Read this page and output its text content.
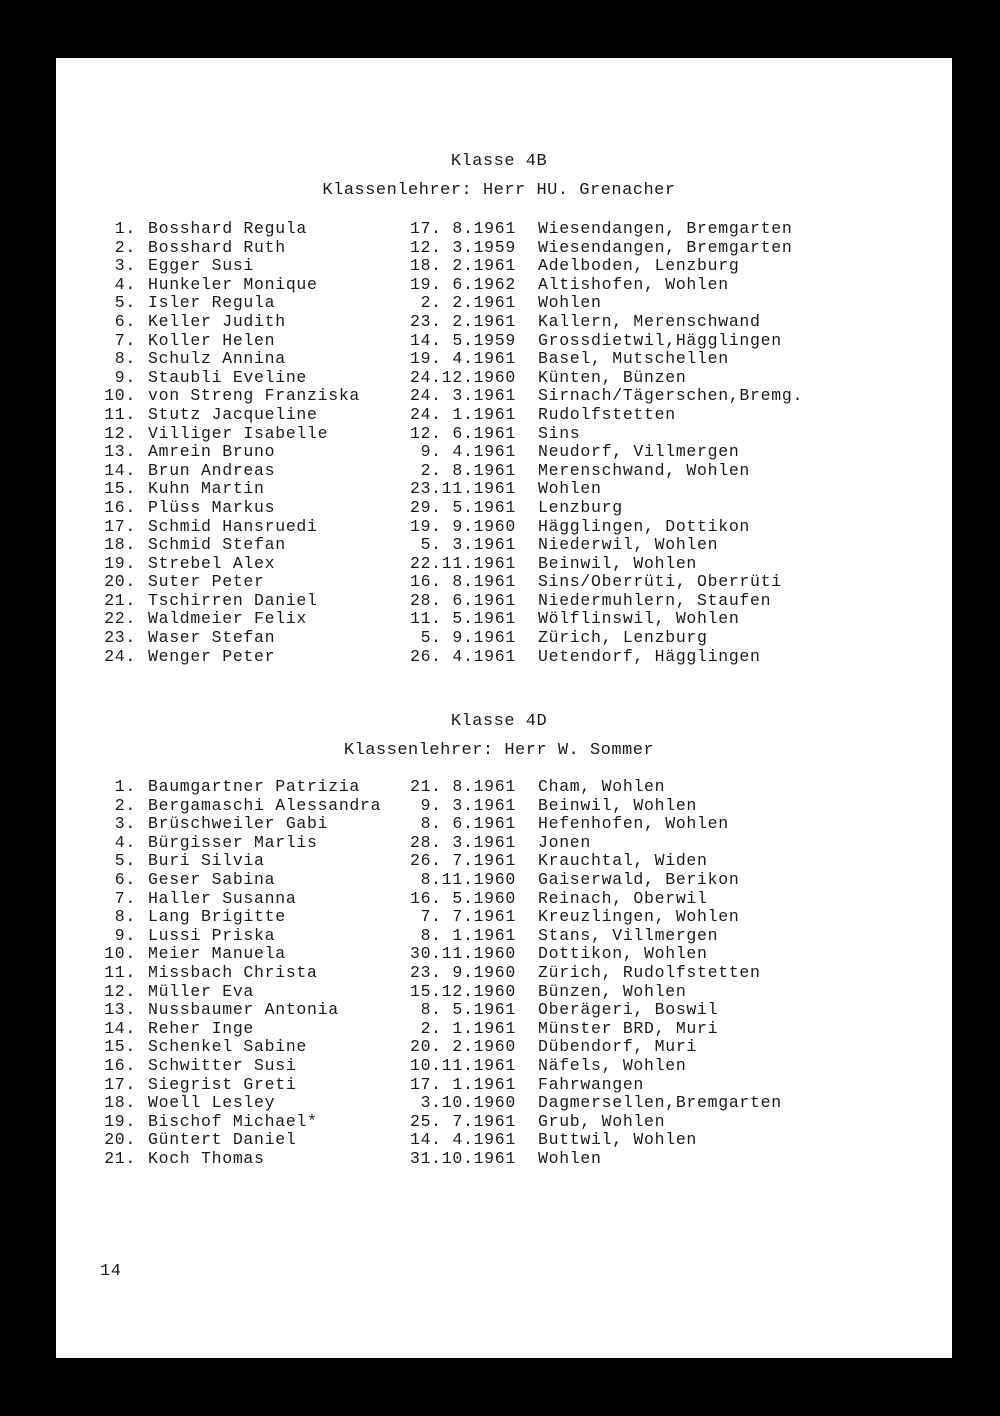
Klasse 4B
Klassenlehrer: Herr HU. Grenacher
1. Bosshard Regula	17. 8.1961 Wiesendangen, Bremgarten
2. Bosshard Ruth	12. 3.1959 Wiesendangen, Bremgarten
3. Egger Susi	18. 2.1961 Adelboden, Lenzburg
4. Hunkeler Monique	19. 6.1962 Altishofen, Wohlen
5. Isler Regula	2. 2.1961 Wohlen
6. Keller Judith	23. 2.1961 Kallern, Merenschwand
7. Koller Helen	14. 5.1959 Grossdietwil,Hägglingen
8. Schulz Annina	19. 4.1961 Basel, Mutschellen
9. Staubli Eveline	24.12.1960 Künten, Bünzen
10. von Streng Franziska	24. 3.1961 Sirnach/Tägerschen,Bremg.
11. Stutz Jacqueline	24. 1.1961 Rudolfstetten
12. Villiger Isabelle	12. 6.1961 Sins
13. Amrein Bruno	9. 4.1961 Neudorf, Villmergen
14. Brun Andreas	2. 8.1961 Merenschwand, Wohlen
15. Kuhn Martin	23.11.1961 Wohlen
16. Plüss Markus	29. 5.1961 Lenzburg
17. Schmid Hansruedi	19. 9.1960 Hägglingen, Dottikon
18. Schmid Stefan	5. 3.1961 Niederwil, Wohlen
19. Strebel Alex	22.11.1961 Beinwil, Wohlen
20. Suter Peter	16. 8.1961 Sins/Oberrüti, Oberrüti
21. Tschirren Daniel	28. 6.1961 Niedermuhlern, Staufen
22. Waldmeier Felix	11. 5.1961 Wölflinswil, Wohlen
23. Waser Stefan	5. 9.1961 Zürich, Lenzburg
24. Wenger Peter	26. 4.1961 Uetendorf, Hägglingen
Klasse 4D
Klassenlehrer: Herr W. Sommer
1. Baumgartner Patrizia	21. 8.1961 Cham, Wohlen
2. Bergamaschi Alessandra	9. 3.1961 Beinwil, Wohlen
3. Brüschweiler Gabi	8. 6.1961 Hefenhofen, Wohlen
4. Bürgisser Marlis	28. 3.1961 Jonen
5. Buri Silvia	26. 7.1961 Krauchtal, Widen
6. Geser Sabina	8.11.1960 Gaiserwald, Berikon
7. Haller Susanna	16. 5.1960 Reinach, Oberwil
8. Lang Brigitte	7. 7.1961 Kreuzlingen, Wohlen
9. Lussi Priska	8. 1.1961 Stans, Villmergen
10. Meier Manuela	30.11.1960 Dottikon, Wohlen
11. Missbach Christa	23. 9.1960 Zürich, Rudolfstetten
12. Müller Eva	15.12.1960 Bünzen, Wohlen
13. Nussbaumer Antonia	8. 5.1961 Oberägeri, Boswil
14. Reher Inge	2. 1.1961 Münster BRD, Muri
15. Schenkel Sabine	20. 2.1960 Dübendorf, Muri
16. Schwitter Susi	10.11.1961 Näfels, Wohlen
17. Siegrist Greti	17. 1.1961 Fahrwangen
18. Woell Lesley	3.10.1960 Dagmersellen,Bremgarten
19. Bischof Michael*	25. 7.1961 Grub, Wohlen
20. Güntert Daniel	14. 4.1961 Buttwil, Wohlen
21. Koch Thomas	31.10.1961 Wohlen
14
